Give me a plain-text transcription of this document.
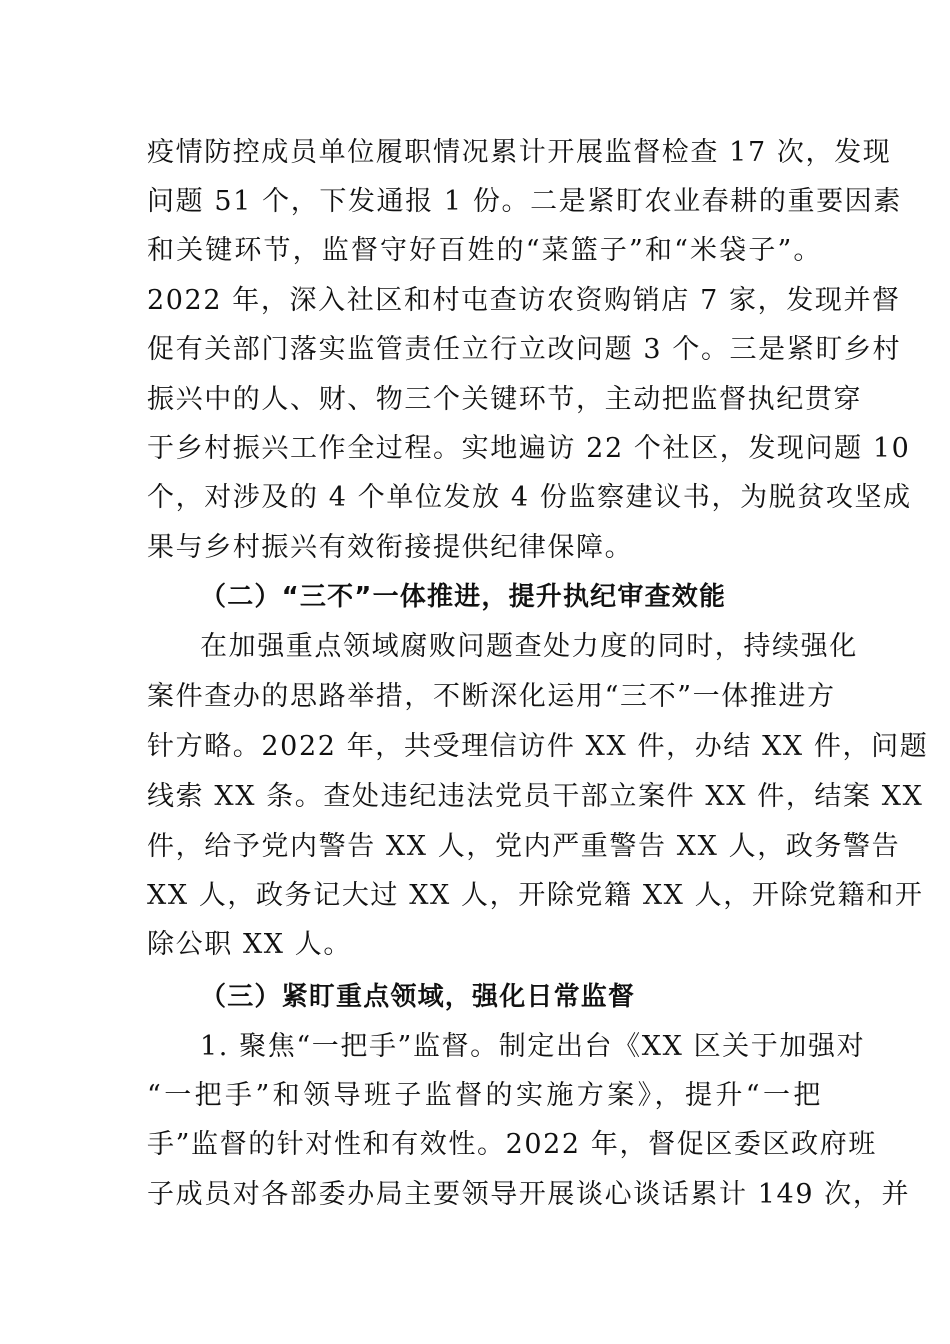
疫情防控成员单位履职情况累计开展监督检查 17 次，发现
问题 51 个，下发通报 1 份。二是紧盯农业春耕的重要因素
和关键环节，监督守好百姓的“菜篮子”和“米袋子”。
2022 年，深入社区和村屯查访农资购销店 7 家，发现并督
促有关部门落实监管责任立行立改问题 3 个。三是紧盯乡村
振兴中的人、财、物三个关键环节，主动把监督执纪贯穿
于乡村振兴工作全过程。实地遍访 22 个社区，发现问题 10
个，对涉及的 4 个单位发放 4 份监察建议书，为脱贫攻坚成
果与乡村振兴有效衔接提供纪律保障。
（二）“三不”一体推进，提升执纪审查效能
在加强重点领域腐败问题查处力度的同时，持续强化
案件查办的思路举措，不断深化运用“三不”一体推进方
针方略。2022 年，共受理信访件 XX 件，办结 XX 件，问题
线索 XX 条。查处违纪违法党员干部立案件 XX 件，结案 XX
件，给予党内警告 XX 人，党内严重警告 XX 人，政务警告
XX 人，政务记大过 XX 人，开除党籍 XX 人，开除党籍和开
除公职 XX 人。
（三）紧盯重点领域，强化日常监督
1. 聚焦“一把手”监督。制定出台《XX 区关于加强对
“一把手”和领导班子监督的实施方案》，提升“一把
手”监督的针对性和有效性。2022 年，督促区委区政府班
子成员对各部委办局主要领导开展谈心谈话累计 149 次，并
